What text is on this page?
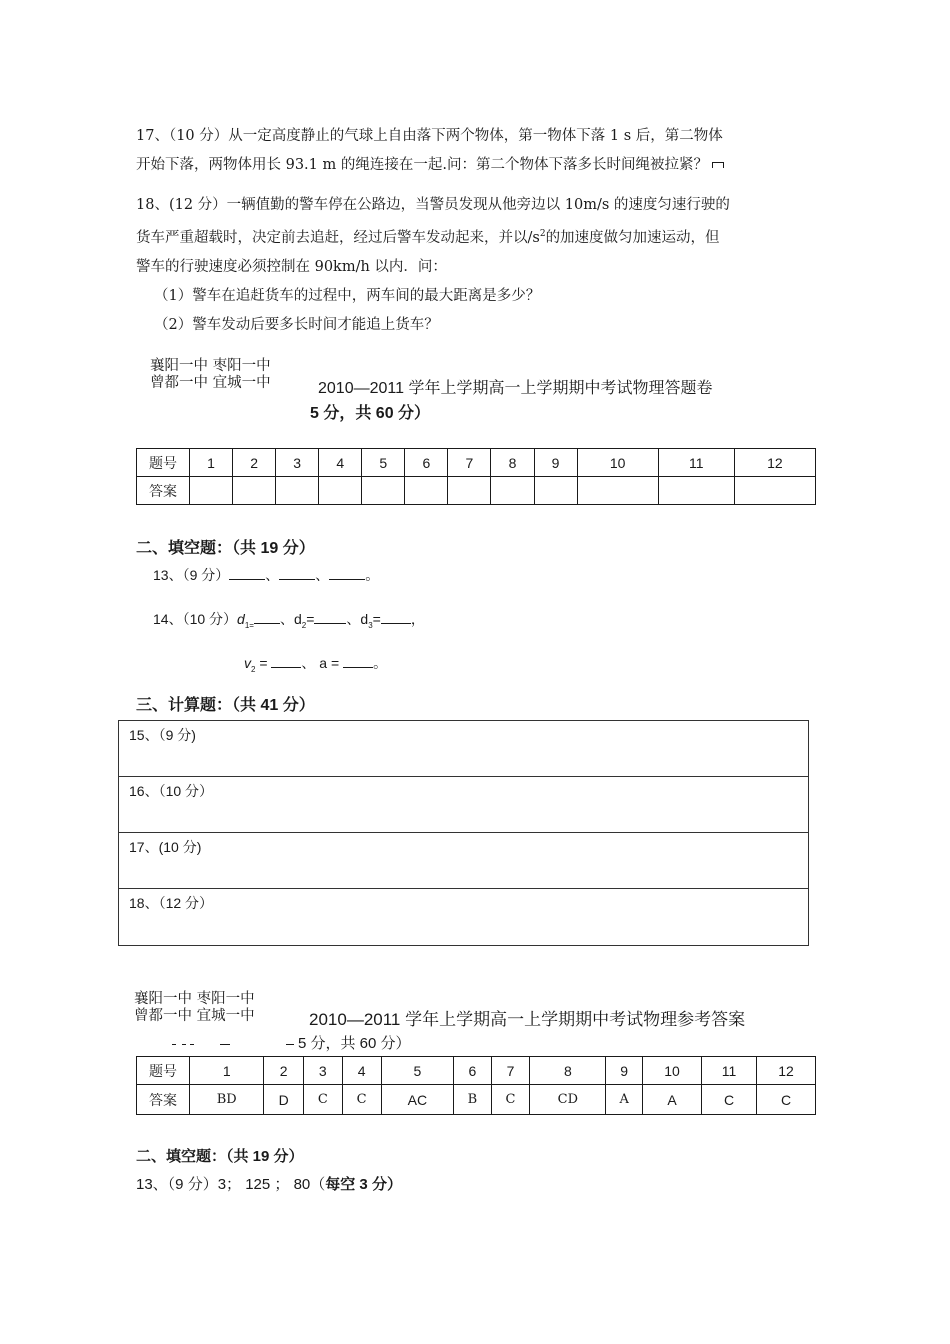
17、（10 分）从一定高度静止的气球上自由落下两个物体，第一物体下落 1 s 后，第二物体
开始下落，两物体用长 93.1 m 的绳连接在一起.问：第二个物体下落多长时间绳被拉紧？
18、(12 分）一辆值勤的警车停在公路边，当警员发现从他旁边以 10m/s 的速度匀速行驶的
货车严重超载时，决定前去追赶，经过后警车发动起来，并以$/s^2$的加速度做匀加速运动，但
警车的行驶速度必须控制在 90km/h 以内．问：
（1）警车在追赶货车的过程中，两车间的最大距离是多少？
（2）警车发动后要多长时间才能追上货车？
襄阳一中 枣阳一中
曾都一中 宜城一中	2010—2011 学年上学期高一上学期期中考试物理答题卷
5 分，共 60 分）

题号	1	2	3	4	5	6	7	8	9	10	11	12
答案												
二、填空题：（共 19 分）
13、（9 分）	、	、	。
14、（10 分）$d_{1=}$ 、$d_2=$ 、$d_3=$ ，
$v_2$ = 、 a = 。
三、计算题：（共 41 分）
15、（9 分)
16、（10 分）
17、(10 分)
18、（12 分）
襄阳一中 枣阳一中
曾都一中 宜城一中	2010—2011 学年上学期高一上学期期中考试物理参考答案
5 分，共 60 分）
题号	1	2	3	4	5	6	7	8	9	10	11	12
答案	BD	D	C	C	AC	B	C	CD	A	A	C	C
二、填空题：（共 19 分）
13、（9 分）3； 125 ； 80（每空 3 分）
